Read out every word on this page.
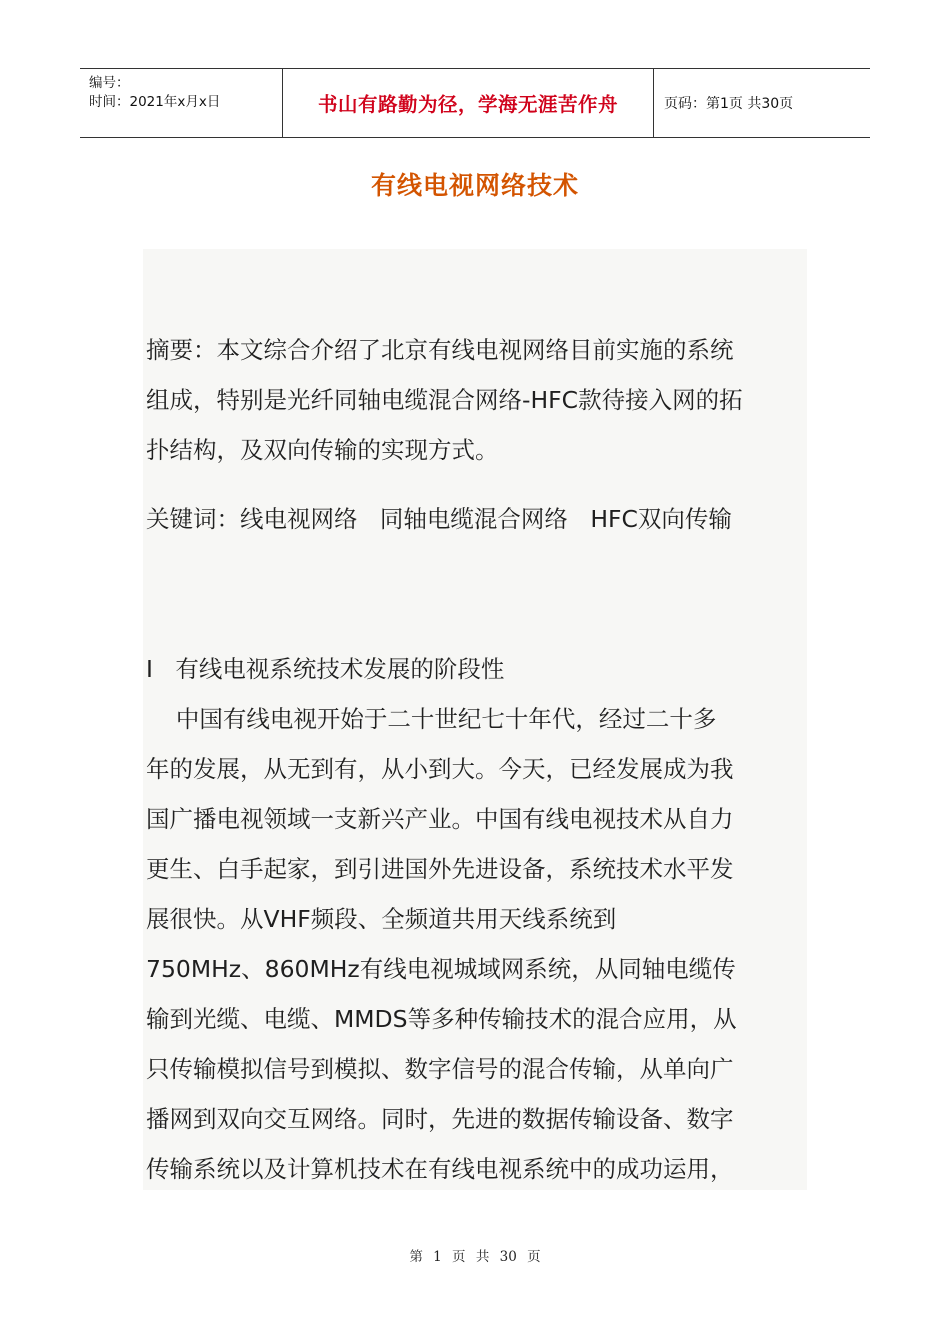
编号：
时间：2021年x月x日	书山有路勤为径，学海无涯苦作舟	页码：第1页 共30页
有线电视网络技术
摘要：本文综合介绍了北京有线电视网络目前实施的系统
组成，特别是光纤同轴电缆混合网络-HFC款待接入网的拓
扑结构，及双向传输的实现方式。
关键词：线电视网络   同轴电缆混合网络   HFC双向传输
I   有线电视系统技术发展的阶段性
中国有线电视开始于二十世纪七十年代，经过二十多
年的发展，从无到有，从小到大。今天，已经发展成为我
国广播电视领域一支新兴产业。中国有线电视技术从自力
更生、白手起家，到引进国外先进设备，系统技术水平发
展很快。从VHF频段、全频道共用天线系统到
750MHz、860MHz有线电视城域网系统，从同轴电缆传
输到光缆、电缆、MMDS等多种传输技术的混合应用，从
只传输模拟信号到模拟、数字信号的混合传输，从单向广
播网到双向交互网络。同时，先进的数据传输设备、数字
传输系统以及计算机技术在有线电视系统中的成功运用，
第 1 页 共 30 页
